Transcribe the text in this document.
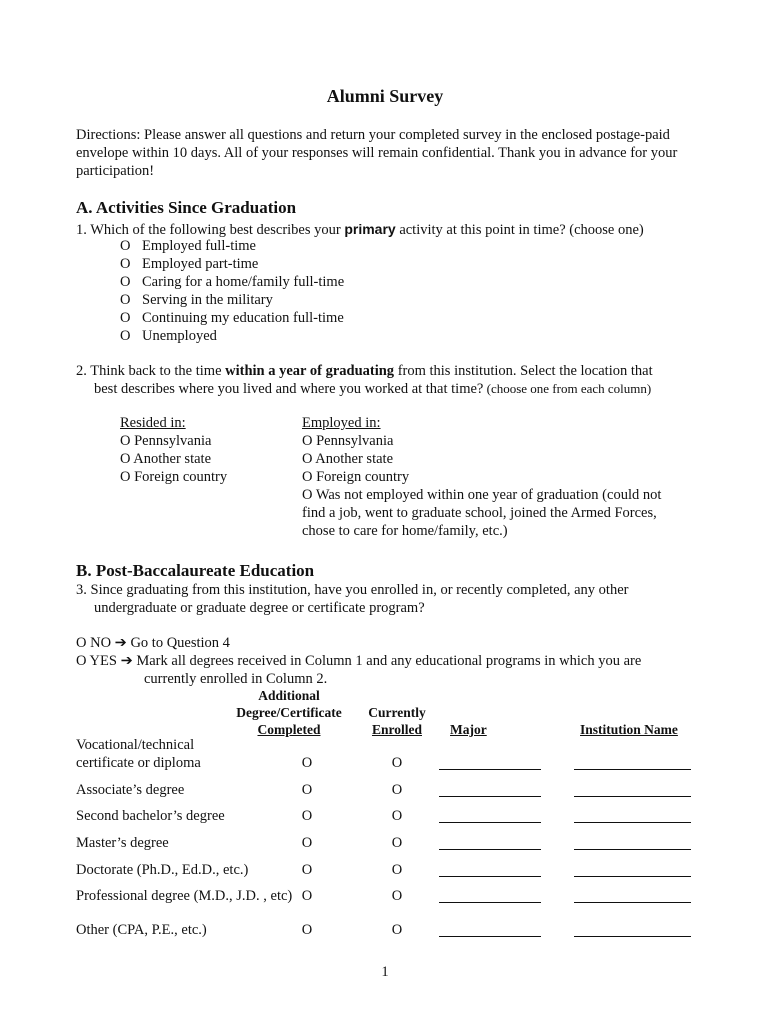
Alumni Survey
Directions: Please answer all questions and return your completed survey in the enclosed postage-paid envelope within 10 days. All of your responses will remain confidential. Thank you in advance for your participation!
A. Activities Since Graduation
1. Which of the following best describes your primary activity at this point in time? (choose one)
O Employed full-time
O Employed part-time
O Caring for a home/family full-time
O Serving in the military
O Continuing my education full-time
O Unemployed
2. Think back to the time within a year of graduating from this institution. Select the location that
best describes where you lived and where you worked at that time? (choose one from each column)
Resided in:
O Pennsylvania
O Another state
O Foreign country
Employed in:
O Pennsylvania
O Another state
O Foreign country
O Was not employed within one year of graduation (could not
find a job, went to graduate school, joined the Armed Forces,
chose to care for home/family, etc.)
B. Post-Baccalaureate Education
3. Since graduating from this institution, have you enrolled in, or recently completed, any other
undergraduate or graduate degree or certificate program?
O NO ➔ Go to Question 4
O YES ➔ Mark all degrees received in Column 1 and any educational programs in which you are
currently enrolled in Column 2.
Additional
Degree/Certificate
Completed
Currently
Enrolled	Major	Institution Name
Vocational/technical
certificate or diploma	O	O
Associate’s degree	O	O
Second bachelor’s degree	O	O
Master’s degree	O	O
Doctorate (Ph.D., Ed.D., etc.)	O	O
Professional degree (M.D., J.D. , etc) O	O
Other (CPA, P.E., etc.)	O	O
1
